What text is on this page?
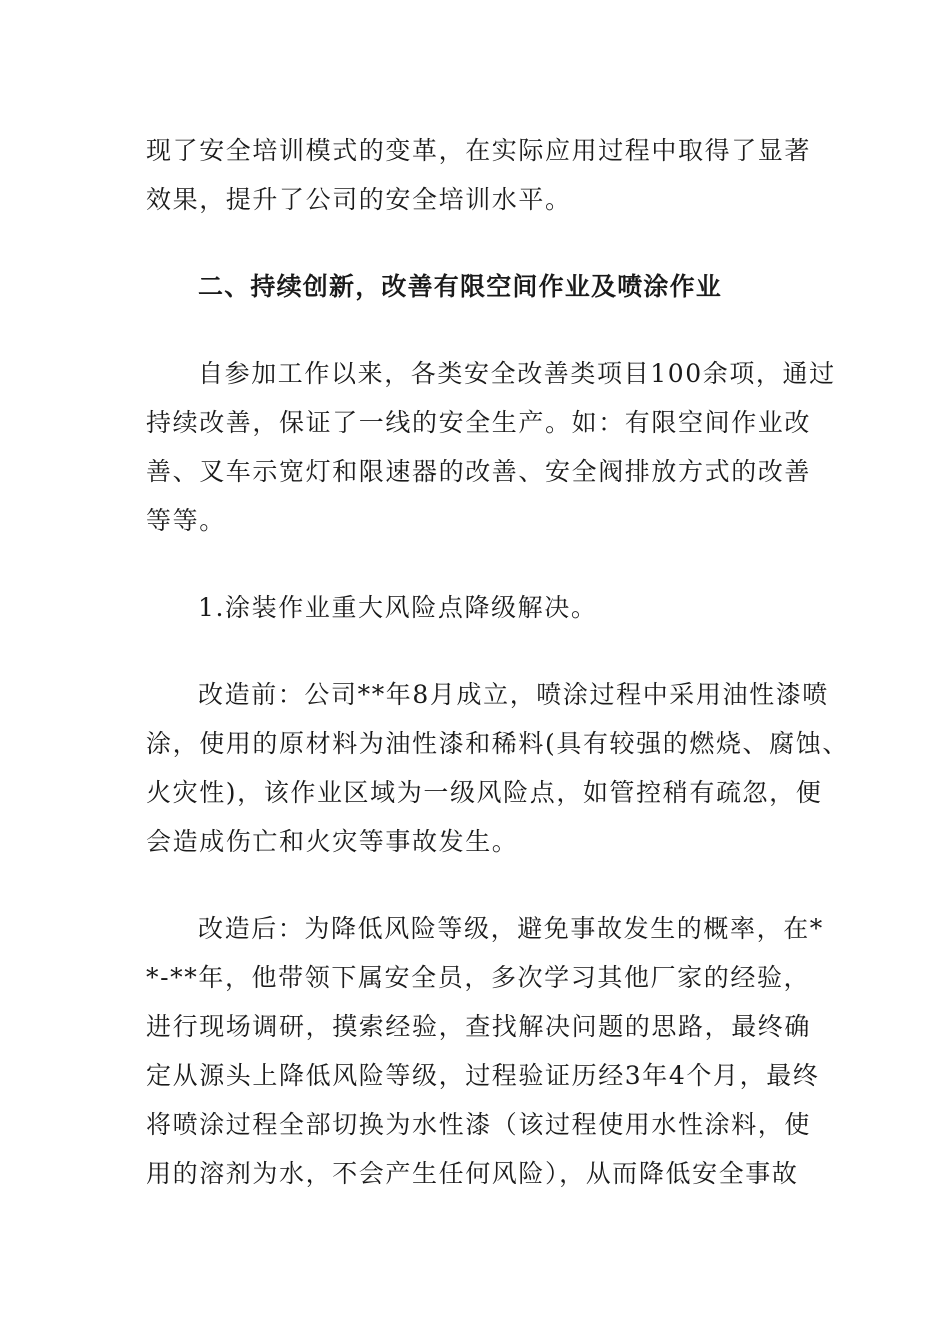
现了安全培训模式的变革，在实际应用过程中取得了显著
效果，提升了公司的安全培训水平。
二、持续创新，改善有限空间作业及喷涂作业
自参加工作以来，各类安全改善类项目100余项，通过
持续改善，保证了一线的安全生产。如：有限空间作业改
善、叉车示宽灯和限速器的改善、安全阀排放方式的改善
等等。
1.涂装作业重大风险点降级解决。
改造前：公司**年8月成立，喷涂过程中采用油性漆喷
涂，使用的原材料为油性漆和稀料(具有较强的燃烧、腐蚀、
火灾性)，该作业区域为一级风险点，如管控稍有疏忽，便
会造成伤亡和火灾等事故发生。
改造后：为降低风险等级，避免事故发生的概率，在*
*-**年，他带领下属安全员，多次学习其他厂家的经验，
进行现场调研，摸索经验，查找解决问题的思路，最终确
定从源头上降低风险等级，过程验证历经3年4个月，最终
将喷涂过程全部切换为水性漆（该过程使用水性涂料，使
用的溶剂为水，不会产生任何风险），从而降低安全事故
